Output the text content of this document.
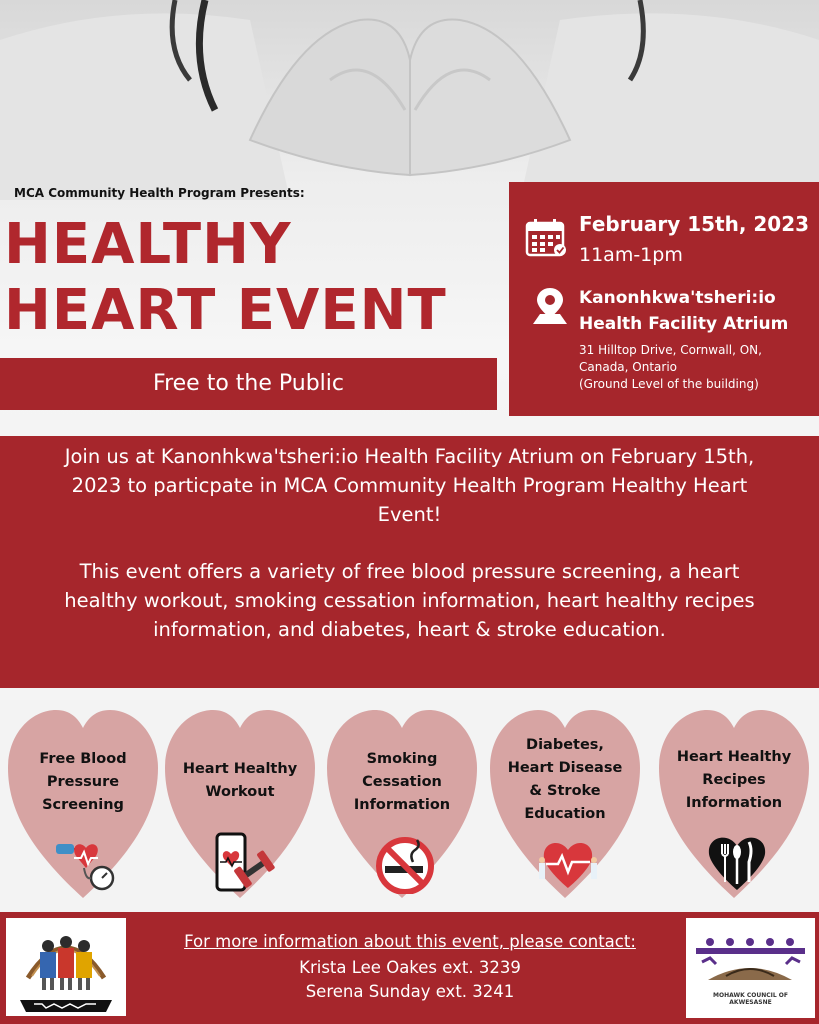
MCA Community Health Program Presents:
HEALTHY
HEART EVENT
Free to the Public
February 15th, 2023
11am-1pm
Kanonhkwa'tsheri:io
Health Facility Atrium
31 Hilltop Drive, Cornwall, ON,
Canada, Ontario
(Ground Level of the building)

Join us at Kanonhkwa'tsheri:io Health Facility Atrium on February 15th, 2023 to particpate in MCA Community Health Program Healthy Heart Event!

This event offers a variety of free blood pressure screening, a heart healthy workout, smoking cessation information, heart healthy recipes information, and diabetes, heart & stroke education.

Free Blood
Pressure
Screening
Heart Healthy
Workout
Smoking
Cessation
Information
Diabetes,
Heart Disease
& Stroke
Education
Heart Healthy
Recipes
Information
For more information about this event, please contact:
Krista Lee Oakes ext. 3239
Serena Sunday ext. 3241	MOHAWK COUNCIL OF AKWESASNE
